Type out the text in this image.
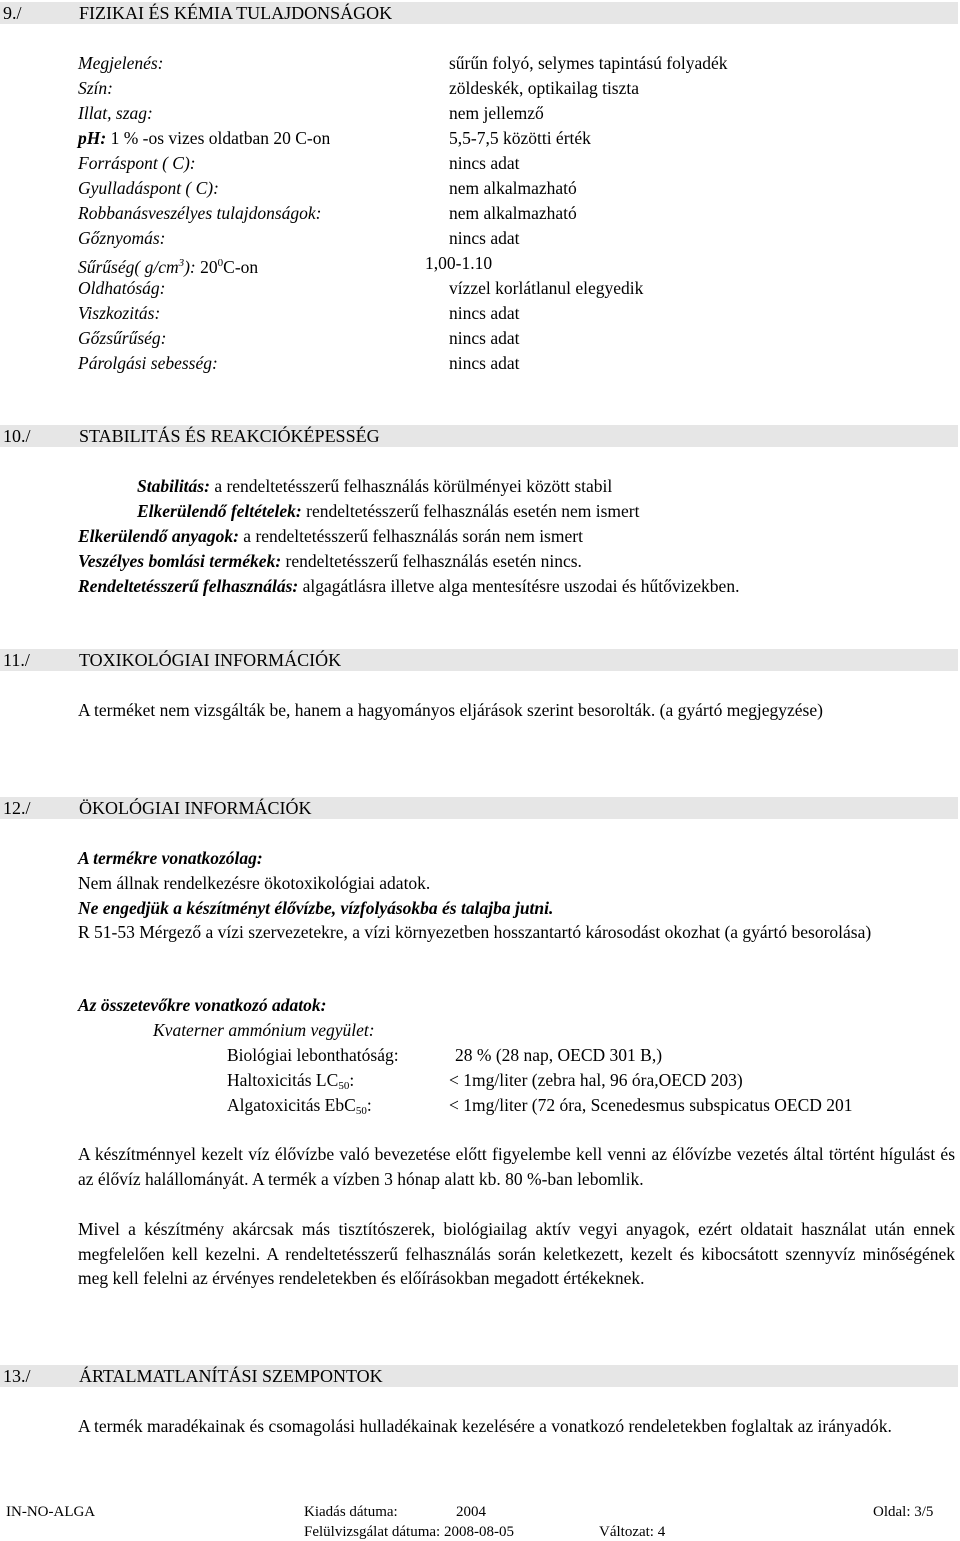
9./	FIZIKAI ÉS KÉMIA TULAJDONSÁGOK
Megjelenés:	sűrűn folyó, selymes tapintású folyadék
Szín:	zöldeskék, optikailag tiszta
Illat, szag:	nem jellemző
pH: 1 % -os vizes oldatban 20 C-on	5,5-7,5 közötti érték
Forráspont ( C):	nincs adat
Gyulladáspont ( C):	nem alkalmazható
Robbanásveszélyes tulajdonságok:	nem alkalmazható
Gőznyomás:	nincs adat
Sűrűség( $g/cm^3$): $20^0C-on$	1,00-1.10
Oldhatóság:	vízzel korlátlanul elegyedik
Viszkozitás:	nincs adat
Gőzsűrűség:	nincs adat
Párolgási sebesség:	nincs adat
10./	STABILITÁS ÉS REAKCIÓKÉPESSÉG
Stabilitás: a rendeltetésszerű felhasználás körülményei között stabil
Elkerülendő feltételek: rendeltetésszerű felhasználás esetén nem ismert
Elkerülendő anyagok: a rendeltetésszerű felhasználás során nem ismert
Veszélyes bomlási termékek: rendeltetésszerű felhasználás esetén nincs.
Rendeltetésszerű felhasználás: algagátlásra illetve alga mentesítésre uszodai és hűtővizekben.
11./	TOXIKOLÓGIAI INFORMÁCIÓK
A terméket nem vizsgálták be, hanem a hagyományos eljárások szerint besorolták. (a gyártó megjegyzése)
12./	ÖKOLÓGIAI INFORMÁCIÓK
A termékre vonatkozólag:
Nem állnak rendelkezésre ökotoxikológiai adatok.
Ne engedjük a készítményt élővízbe, vízfolyásokba és talajba jutni.
R 51-53 Mérgező a vízi szervezetekre, a vízi környezetben hosszantartó károsodást okozhat (a gyártó besorolása)
Az összetevőkre vonatkozó adatok:
Kvaterner ammónium vegyület:
Biológiai lebonthatóság:	28 % (28 nap, OECD 301 B,)
Haltoxicitás $LC_{50}$:	< 1mg/liter (zebra hal, 96 óra,OECD 203)
Algatoxicitás EbC$_{50}$:	< 1mg/liter (72 óra, Scenedesmus subspicatus OECD 201
A készítménnyel kezelt víz élővízbe való bevezetése előtt figyelembe kell venni az élővízbe vezetés által történt hígulást és az élővíz halállományát. A termék a vízben 3 hónap alatt kb. 80 %-ban lebomlik.
Mivel a készítmény akárcsak más tisztítószerek, biológiailag aktív vegyi anyagok, ezért oldatait használat után ennek megfelelően kell kezelni. A rendeltetésszerű felhasználás során keletkezett, kezelt és kibocsátott szennyvíz minőségének meg kell felelni az érvényes rendeletekben és előírásokban megadott értékeknek.
13./	ÁRTALMATLANÍTÁSI SZEMPONTOK
A termék maradékainak és csomagolási hulladékainak kezelésére a vonatkozó rendeletekben foglaltak az irányadók.
IN-NO-ALGA	Kiadás dátuma:	2004	Oldal: 3/5
Felülvizsgálat dátuma: 2008-08-05	Változat: 4
